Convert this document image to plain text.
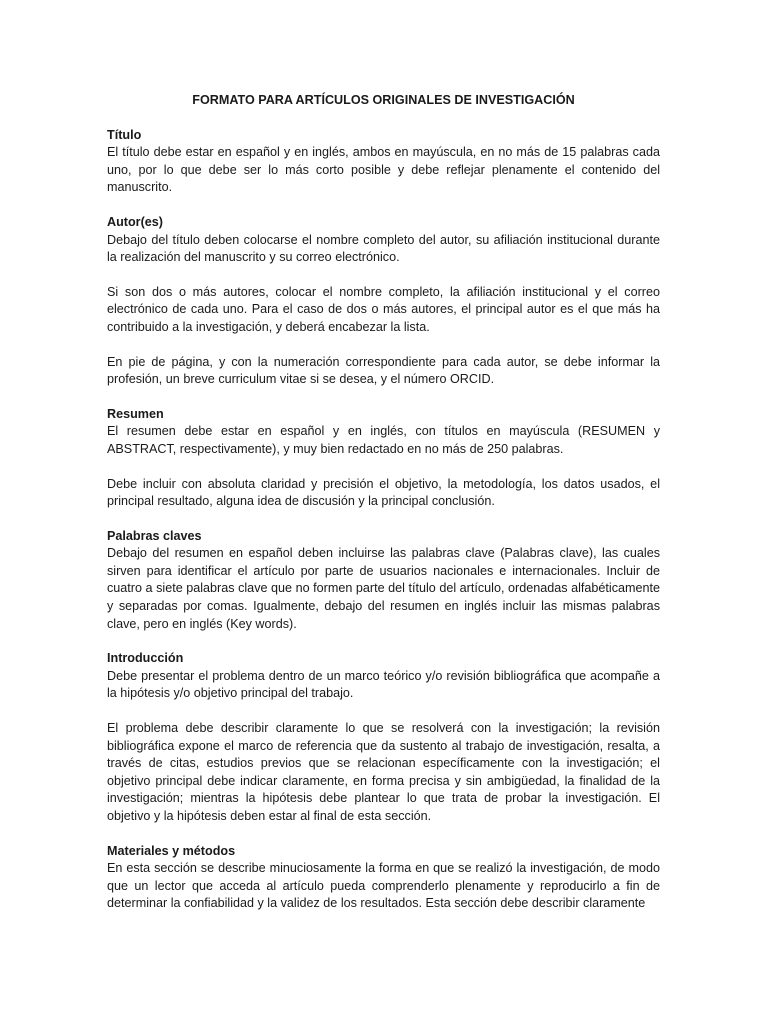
FORMATO PARA ARTÍCULOS ORIGINALES DE INVESTIGACIÓN
Título
El título debe estar en español y en inglés, ambos en mayúscula, en no más de 15 palabras cada uno, por lo que debe ser lo más corto posible y debe reflejar plenamente el contenido del manuscrito.
Autor(es)
Debajo del título deben colocarse el nombre completo del autor, su afiliación institucional durante la realización del manuscrito y su correo electrónico.
Si son dos o más autores, colocar el nombre completo, la afiliación institucional y el correo electrónico de cada uno. Para el caso de dos o más autores, el principal autor es el que más ha contribuido a la investigación, y deberá encabezar la lista.
En pie de página, y con la numeración correspondiente para cada autor, se debe informar la profesión, un breve curriculum vitae si se desea, y el número ORCID.
Resumen
El resumen debe estar en español y en inglés, con títulos en mayúscula (RESUMEN y ABSTRACT, respectivamente), y muy bien redactado en no más de 250 palabras.
Debe incluir con absoluta claridad y precisión el objetivo, la metodología, los datos usados, el principal resultado, alguna idea de discusión y la principal conclusión.
Palabras claves
Debajo del resumen en español deben incluirse las palabras clave (Palabras clave), las cuales sirven para identificar el artículo por parte de usuarios nacionales e internacionales. Incluir de cuatro a siete palabras clave que no formen parte del título del artículo, ordenadas alfabéticamente y separadas por comas. Igualmente, debajo del resumen en inglés incluir las mismas palabras clave, pero en inglés (Key words).
Introducción
Debe presentar el problema dentro de un marco teórico y/o revisión bibliográfica que acompañe a la hipótesis y/o objetivo principal del trabajo.
El problema debe describir claramente lo que se resolverá con la investigación; la revisión bibliográfica expone el marco de referencia que da sustento al trabajo de investigación, resalta, a través de citas, estudios previos que se relacionan específicamente con la investigación; el objetivo principal debe indicar claramente, en forma precisa y sin ambigüedad, la finalidad de la investigación; mientras la hipótesis debe plantear lo que trata de probar la investigación. El objetivo y la hipótesis deben estar al final de esta sección.
Materiales y métodos
En esta sección se describe minuciosamente la forma en que se realizó la investigación, de modo que un lector que acceda al artículo pueda comprenderlo plenamente y reproducirlo a fin de determinar la confiabilidad y la validez de los resultados. Esta sección debe describir claramente
